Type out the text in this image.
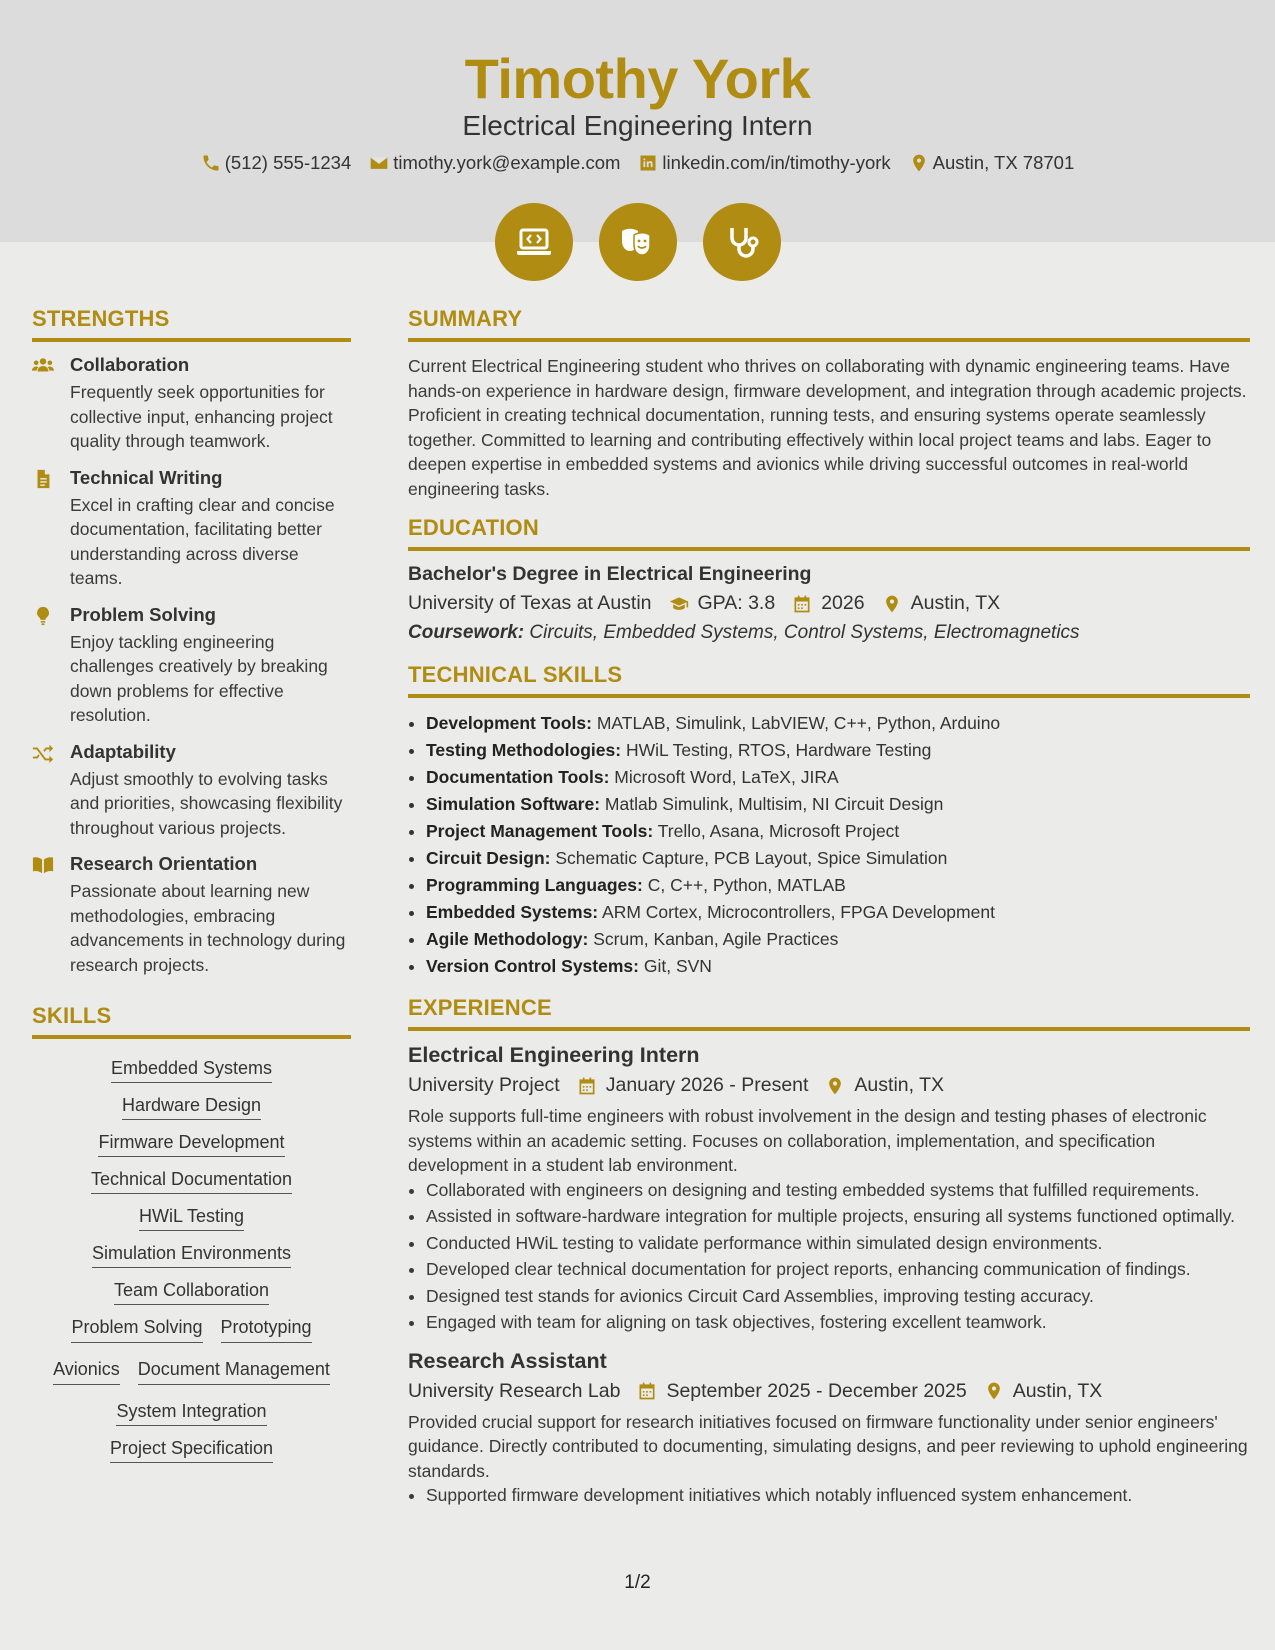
Timothy York
Electrical Engineering Intern
(512) 555-1234 timothy.york@example.com linkedin.com/in/timothy-york Austin, TX 78701
STRENGTHS
Collaboration

Frequently seek opportunities for collective input, enhancing project quality through teamwork.

Technical Writing

Excel in crafting clear and concise documentation, facilitating better understanding across diverse teams.

Problem Solving

Enjoy tackling engineering challenges creatively by breaking down problems for effective resolution.

Adaptability

Adjust smoothly to evolving tasks and priorities, showcasing flexibility throughout various projects.

Research Orientation

Passionate about learning new methodologies, embracing advancements in technology during research projects.

SKILLS
Embedded Systems
Hardware Design
Firmware Development
Technical Documentation
HWiL Testing
Simulation Environments
Team Collaboration
Problem Solving Prototyping
Avionics Document Management
System Integration
Project Specification
SUMMARY

Current Electrical Engineering student who thrives on collaborating with dynamic engineering teams. Have hands-on experience in hardware design, firmware development, and integration through academic projects. Proficient in creating technical documentation, running tests, and ensuring systems operate seamlessly together. Committed to learning and contributing effectively within local project teams and labs. Eager to deepen expertise in embedded systems and avionics while driving successful outcomes in real-world engineering tasks.

EDUCATION
Bachelor's Degree in Electrical Engineering
University of Texas at Austin GPA: 3.8 2026 Austin, TX
Coursework: Circuits, Embedded Systems, Control Systems, Electromagnetics
TECHNICAL SKILLS
• Development Tools: MATLAB, Simulink, LabVIEW, C++, Python, Arduino
• Testing Methodologies: HWiL Testing, RTOS, Hardware Testing
• Documentation Tools: Microsoft Word, LaTeX, JIRA
• Simulation Software: Matlab Simulink, Multisim, NI Circuit Design
• Project Management Tools: Trello, Asana, Microsoft Project
• Circuit Design: Schematic Capture, PCB Layout, Spice Simulation
• Programming Languages: C, C++, Python, MATLAB
• Embedded Systems: ARM Cortex, Microcontrollers, FPGA Development
• Agile Methodology: Scrum, Kanban, Agile Practices
• Version Control Systems: Git, SVN
EXPERIENCE
Electrical Engineering Intern
University Project January 2026 - Present Austin, TX

Role supports full-time engineers with robust involvement in the design and testing phases of electronic systems within an academic setting. Focuses on collaboration, implementation, and specification development in a student lab environment.

• Collaborated with engineers on designing and testing embedded systems that fulfilled requirements.
• Assisted in software-hardware integration for multiple projects, ensuring all systems functioned optimally.
• Conducted HWiL testing to validate performance within simulated design environments.
• Developed clear technical documentation for project reports, enhancing communication of findings.
• Designed test stands for avionics Circuit Card Assemblies, improving testing accuracy.
• Engaged with team for aligning on task objectives, fostering excellent teamwork.
Research Assistant
University Research Lab September 2025 - December 2025 Austin, TX

Provided crucial support for research initiatives focused on firmware functionality under senior engineers' guidance. Directly contributed to documenting, simulating designs, and peer reviewing to uphold engineering standards.

• Supported firmware development initiatives which notably influenced system enhancement.
1/2
